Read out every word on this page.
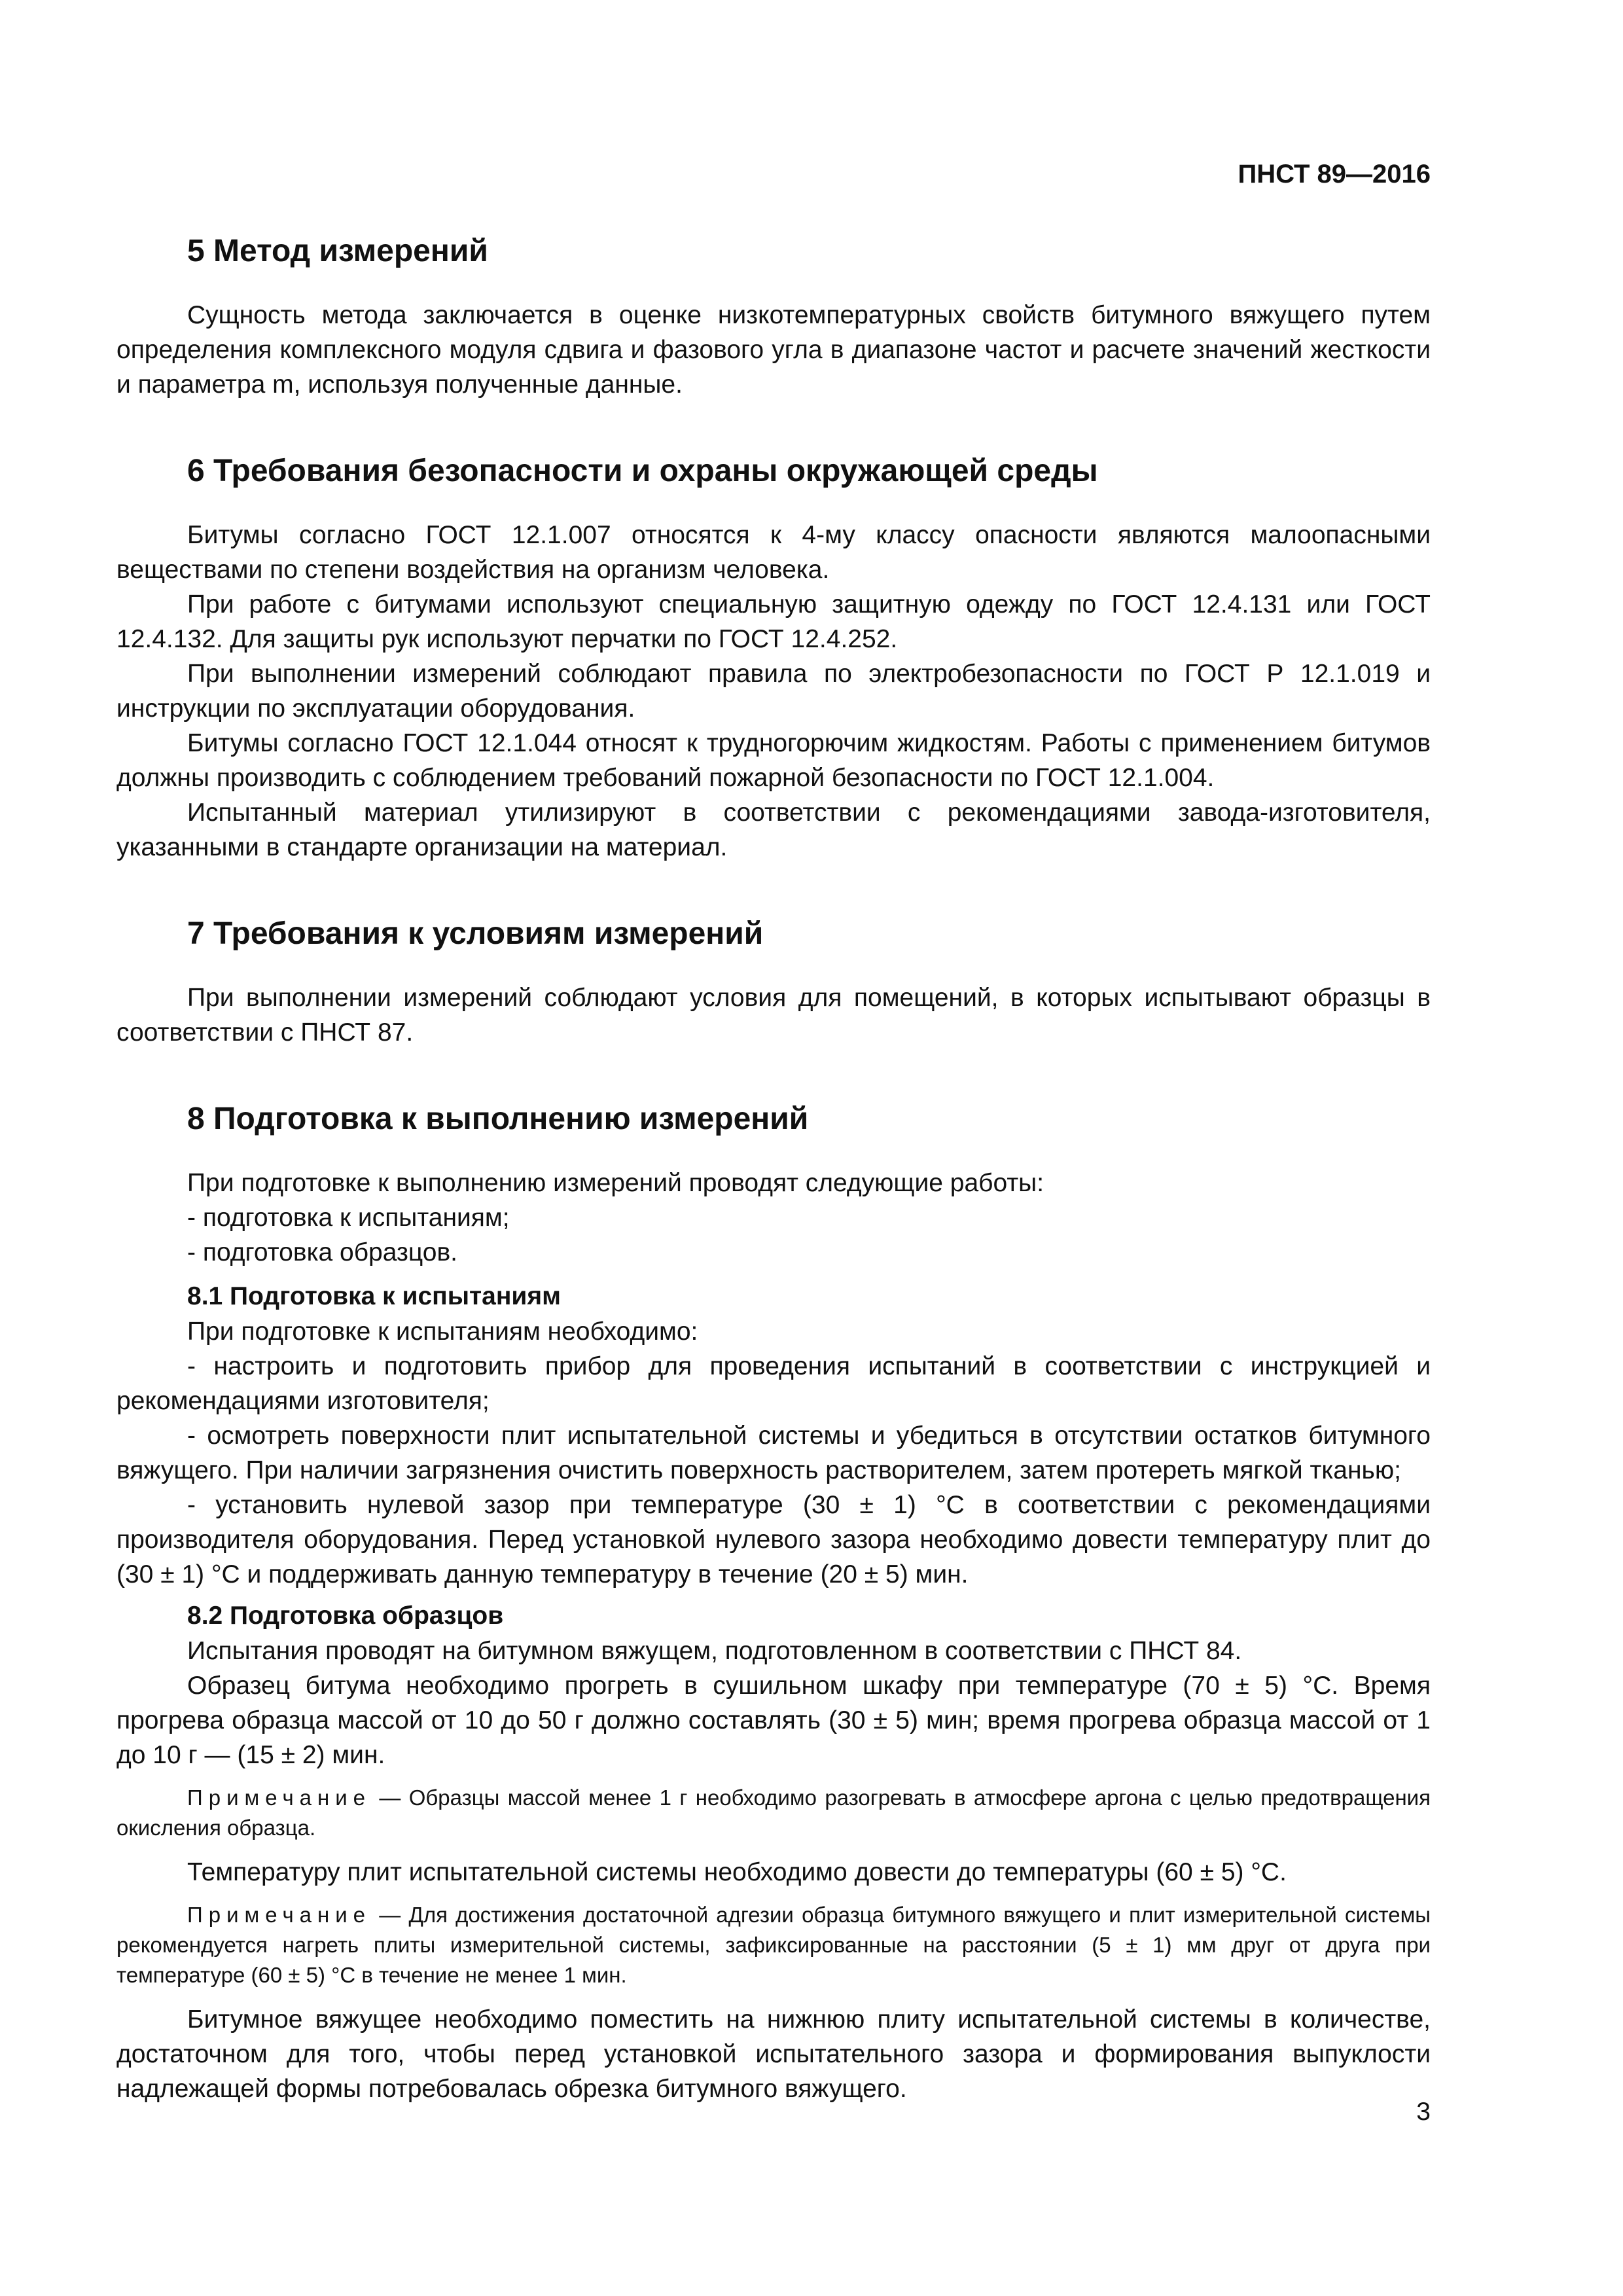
ПНСТ 89—2016
5 Метод измерений

Сущность метода заключается в оценке низкотемпературных свойств битумного вяжущего путем определения комплексного модуля сдвига и фазового угла в диапазоне частот и расчете значений жесткости и параметра m, используя полученные данные.

6 Требования безопасности и охраны окружающей среды

Битумы согласно ГОСТ 12.1.007 относятся к 4-му классу опасности являются малоопасными веществами по степени воздействия на организм человека.

При работе с битумами используют специальную защитную одежду по ГОСТ 12.4.131 или ГОСТ 12.4.132. Для защиты рук используют перчатки по ГОСТ 12.4.252.

При выполнении измерений соблюдают правила по электробезопасности по ГОСТ Р 12.1.019 и инструкции по эксплуатации оборудования.

Битумы согласно ГОСТ 12.1.044 относят к трудногорючим жидкостям. Работы с применением битумов должны производить с соблюдением требований пожарной безопасности по ГОСТ 12.1.004.

Испытанный материал утилизируют в соответствии с рекомендациями завода-изготовителя, указанными в стандарте организации на материал.

7 Требования к условиям измерений

При выполнении измерений соблюдают условия для помещений, в которых испытывают образцы в соответствии с ПНСТ 87.

8 Подготовка к выполнению измерений

При подготовке к выполнению измерений проводят следующие работы:

- подготовка к испытаниям;

- подготовка образцов.

8.1 Подготовка к испытаниям

При подготовке к испытаниям необходимо:

- настроить и подготовить прибор для проведения испытаний в соответствии с инструкцией и рекомендациями изготовителя;

- осмотреть поверхности плит испытательной системы и убедиться в отсутствии остатков битумного вяжущего. При наличии загрязнения очистить поверхность растворителем, затем протереть мягкой тканью;

- установить нулевой зазор при температуре (30 ± 1) °С в соответствии с рекомендациями производителя оборудования. Перед установкой нулевого зазора необходимо довести температуру плит до (30 ± 1) °С и поддерживать данную температуру в течение (20 ± 5) мин.

8.2 Подготовка образцов

Испытания проводят на битумном вяжущем, подготовленном в соответствии с ПНСТ 84.

Образец битума необходимо прогреть в сушильном шкафу при температуре (70 ± 5) °С. Время прогрева образца массой от 10 до 50 г должно составлять (30 ± 5) мин; время прогрева образца массой от 1 до 10 г — (15 ± 2) мин.

Примечание — Образцы массой менее 1 г необходимо разогревать в атмосфере аргона с целью предотвращения окисления образца.

Температуру плит испытательной системы необходимо довести до температуры (60 ± 5) °С.

Примечание — Для достижения достаточной адгезии образца битумного вяжущего и плит измерительной системы рекомендуется нагреть плиты измерительной системы, зафиксированные на расстоянии (5 ± 1) мм друг от друга при температуре (60 ± 5) °С в течение не менее 1 мин.

Битумное вяжущее необходимо поместить на нижнюю плиту испытательной системы в количестве, достаточном для того, чтобы перед установкой испытательного зазора и формирования выпуклости надлежащей формы потребовалась обрезка битумного вяжущего.

3
